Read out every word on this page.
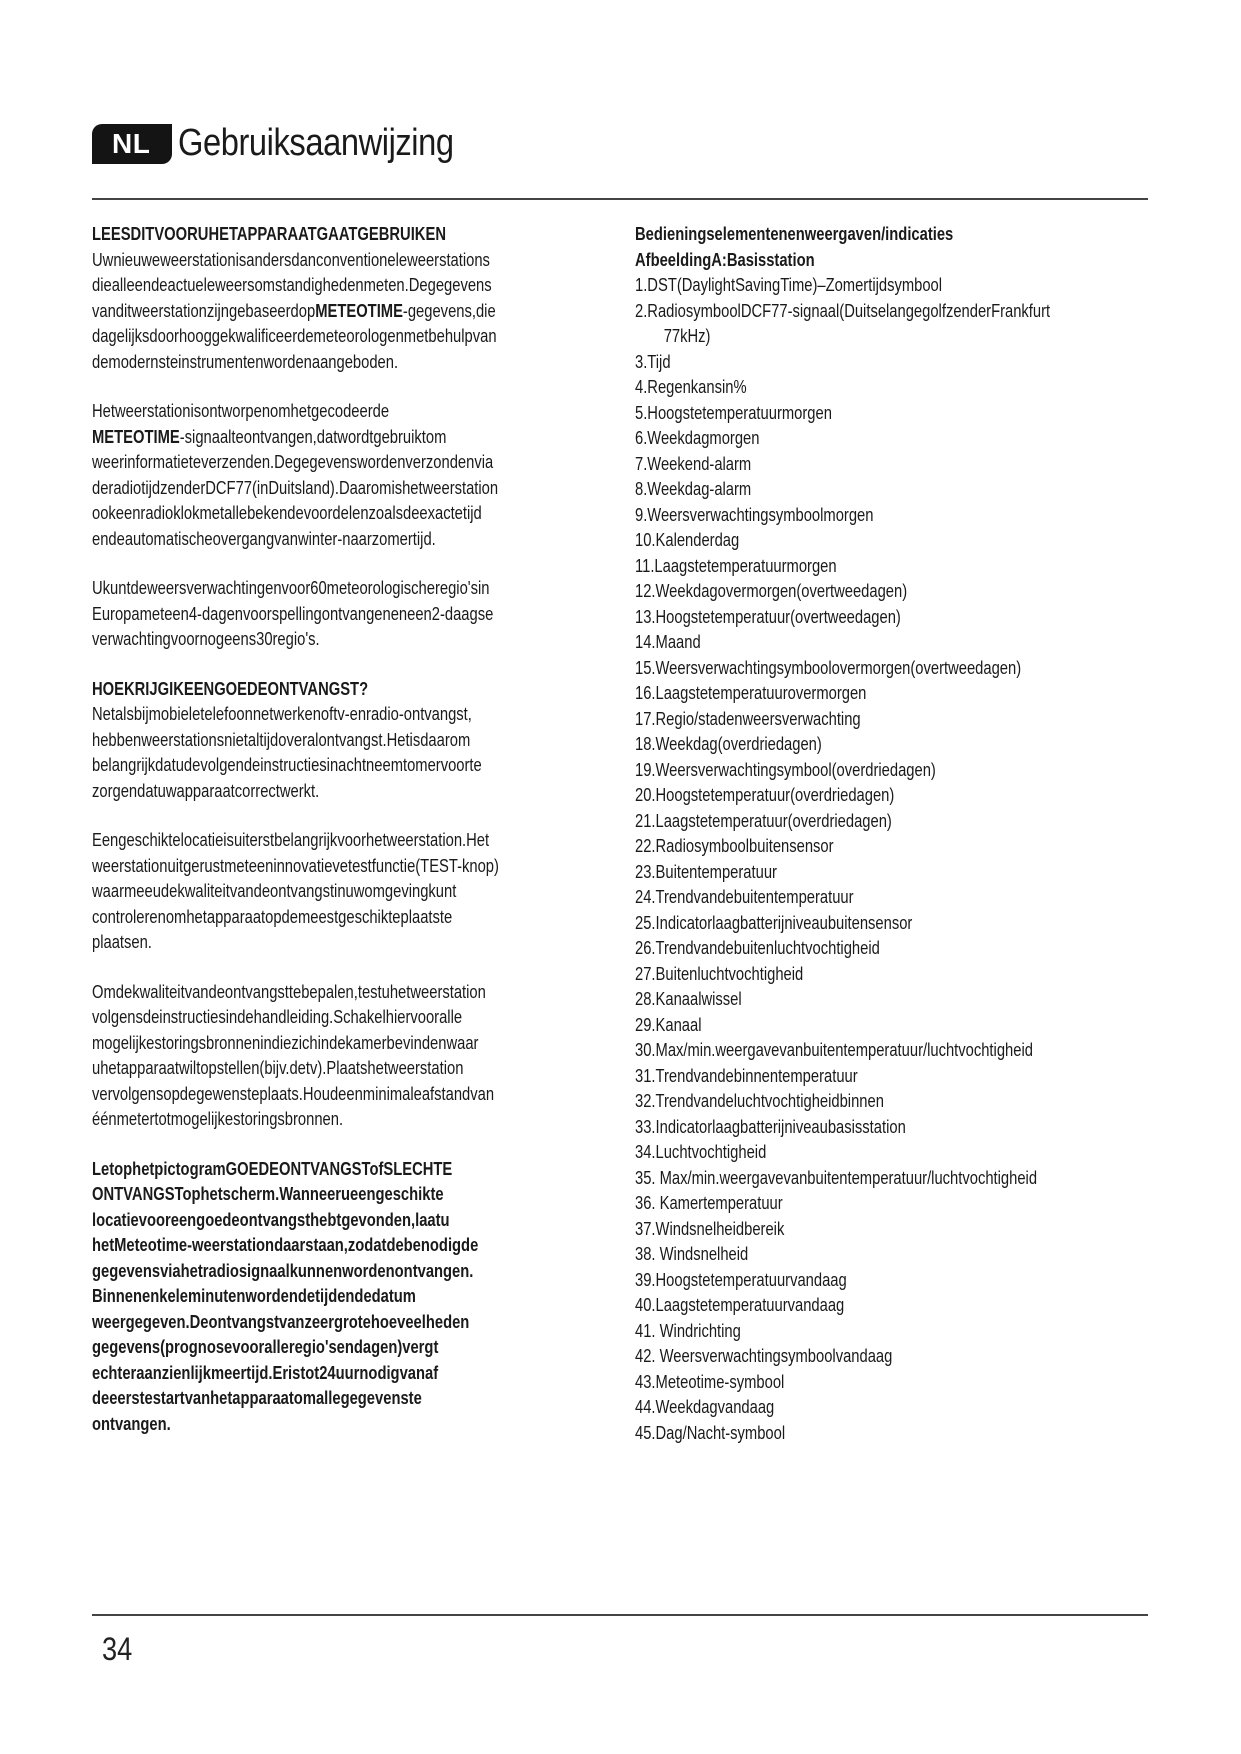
NL Gebruiksaanwijzing
LEESDITVOORUHETAPPARAATGAATGEBRUIKEN

Uwnieuweweerstationisandersdanconventioneleweerstations

diealleendeactueleweersomstandighedenmeten.Degegevens

vanditweerstationzijngebaseerdopMETEOTIME-gegevens,die

dagelijksdoorhooggekwalificeerdemeteorologenmetbehulpvan

demodernsteinstrumentenwordenaangeboden.

Hetweerstationisontworpenomhetgecodeerde

METEOTIME-signaalteontvangen,datwordtgebruiktom

weerinformatieteverzenden.Degegevenswordenverzondenvia

deradiotijdzenderDCF77(inDuitsland).Daaromishetweerstation

ookeenradioklokmetallebekendevoordelenzoalsdeexactetijd

endeautomatischeovergangvanwinter-naarzomertijd.

Ukuntdeweersverwachtingenvoor60meteorologischeregio'sin

Europameteen4-dagenvoorspellingontvangeneneen2-daagse

verwachtingvoornogeens30regio's.

HOEKRIJGIKEENGOEDEONTVANGST?

Netalsbijmobieletelefoonnetwerkenoftv-enradio-ontvangst,

hebbenweerstationsnietaltijdoveralontvangst.Hetisdaarom

belangrijkdatudevolgendeinstructiesinachtneemtomervoorte

zorgendatuwapparaatcorrectwerkt.

Eengeschiktelocatieisuiterstbelangrijkvoorhetweerstation.Het

weerstationuitgerustmeteeninnovatievetestfunctie(TEST-knop)

waarmeeudekwaliteitvandeontvangstinuwomgevingkunt

controlerenomhetapparaatopdemeestgeschikteplaatste

plaatsen.

Omdekwaliteitvandeontvangsttebepalen,testuhetweerstation

volgensdeinstructiesindehandleiding.Schakelhiervooralle

mogelijkestoringsbronnenindiezichindekamerbevindenwaar

uhetapparaatwiltopstellen(bijv.detv).Plaatshetweerstation

vervolgensopdegewensteplaats.Houdeenminimaleafstandvan

éénmetertotmogelijkestoringsbronnen.

LetophetpictogramGOEDEONTVANGSTofSLECHTE

ONTVANGSTophetscherm.Wanneerueengeschikte

locatievooreengoedeontvangsthebtgevonden,laatu

hetMeteotime-weerstationdaarstaan,zodatdebenodigde

gegevensviahetradiosignaalkunnenwordenontvangen.

Binnenenkeleminutenwordendetijdendedatum

weergegeven.Deontvangstvanzeergrotehoeveelheden

gegevens(prognosevooralleregio'sendagen)vergt

echteraanzienlijkmeertijd.Eristot24uurnodigvanaf

deeerstestartvanhetapparaatomallegegevenste

ontvangen.

Bedieningselementenenweergaven/indicaties
AfbeeldingA:Basisstation
1.DST(DaylightSavingTime)–Zomertijdsymbool
2.RadiosymboolDCF77-signaal(DuitselangegolfzenderFrankfurt
77kHz)
3.Tijd
4.Regenkansin%
5.Hoogstetemperatuurmorgen
6.Weekdagmorgen
7.Weekend-alarm
8.Weekdag-alarm
9.Weersverwachtingsymboolmorgen
10.Kalenderdag
11.Laagstetemperatuurmorgen
12.Weekdagovermorgen(overtweedagen)
13.Hoogstetemperatuur(overtweedagen)
14.Maand
15.Weersverwachtingsymboolovermorgen(overtweedagen)
16.Laagstetemperatuurovermorgen
17.Regio/stadenweersverwachting
18.Weekdag(overdriedagen)
19.Weersverwachtingsymbool(overdriedagen)
20.Hoogstetemperatuur(overdriedagen)
21.Laagstetemperatuur(overdriedagen)
22.Radiosymboolbuitensensor
23.Buitentemperatuur
24.Trendvandebuitentemperatuur
25.Indicatorlaagbatterijniveaubuitensensor
26.Trendvandebuitenluchtvochtigheid
27.Buitenluchtvochtigheid
28.Kanaalwissel
29.Kanaal
30.Max/min.weergavevanbuitentemperatuur/luchtvochtigheid
31.Trendvandebinnentemperatuur
32.Trendvandeluchtvochtigheidbinnen
33.Indicatorlaagbatterijniveaubasisstation
34.Luchtvochtigheid
35. Max/min.weergavevanbuitentemperatuur/luchtvochtigheid
36. Kamertemperatuur
37.Windsnelheidbereik
38. Windsnelheid
39.Hoogstetemperatuurvandaag
40.Laagstetemperatuurvandaag
41. Windrichting
42. Weersverwachtingsymboolvandaag
43.Meteotime-symbool
44.Weekdagvandaag
45.Dag/Nacht-symbool
34
